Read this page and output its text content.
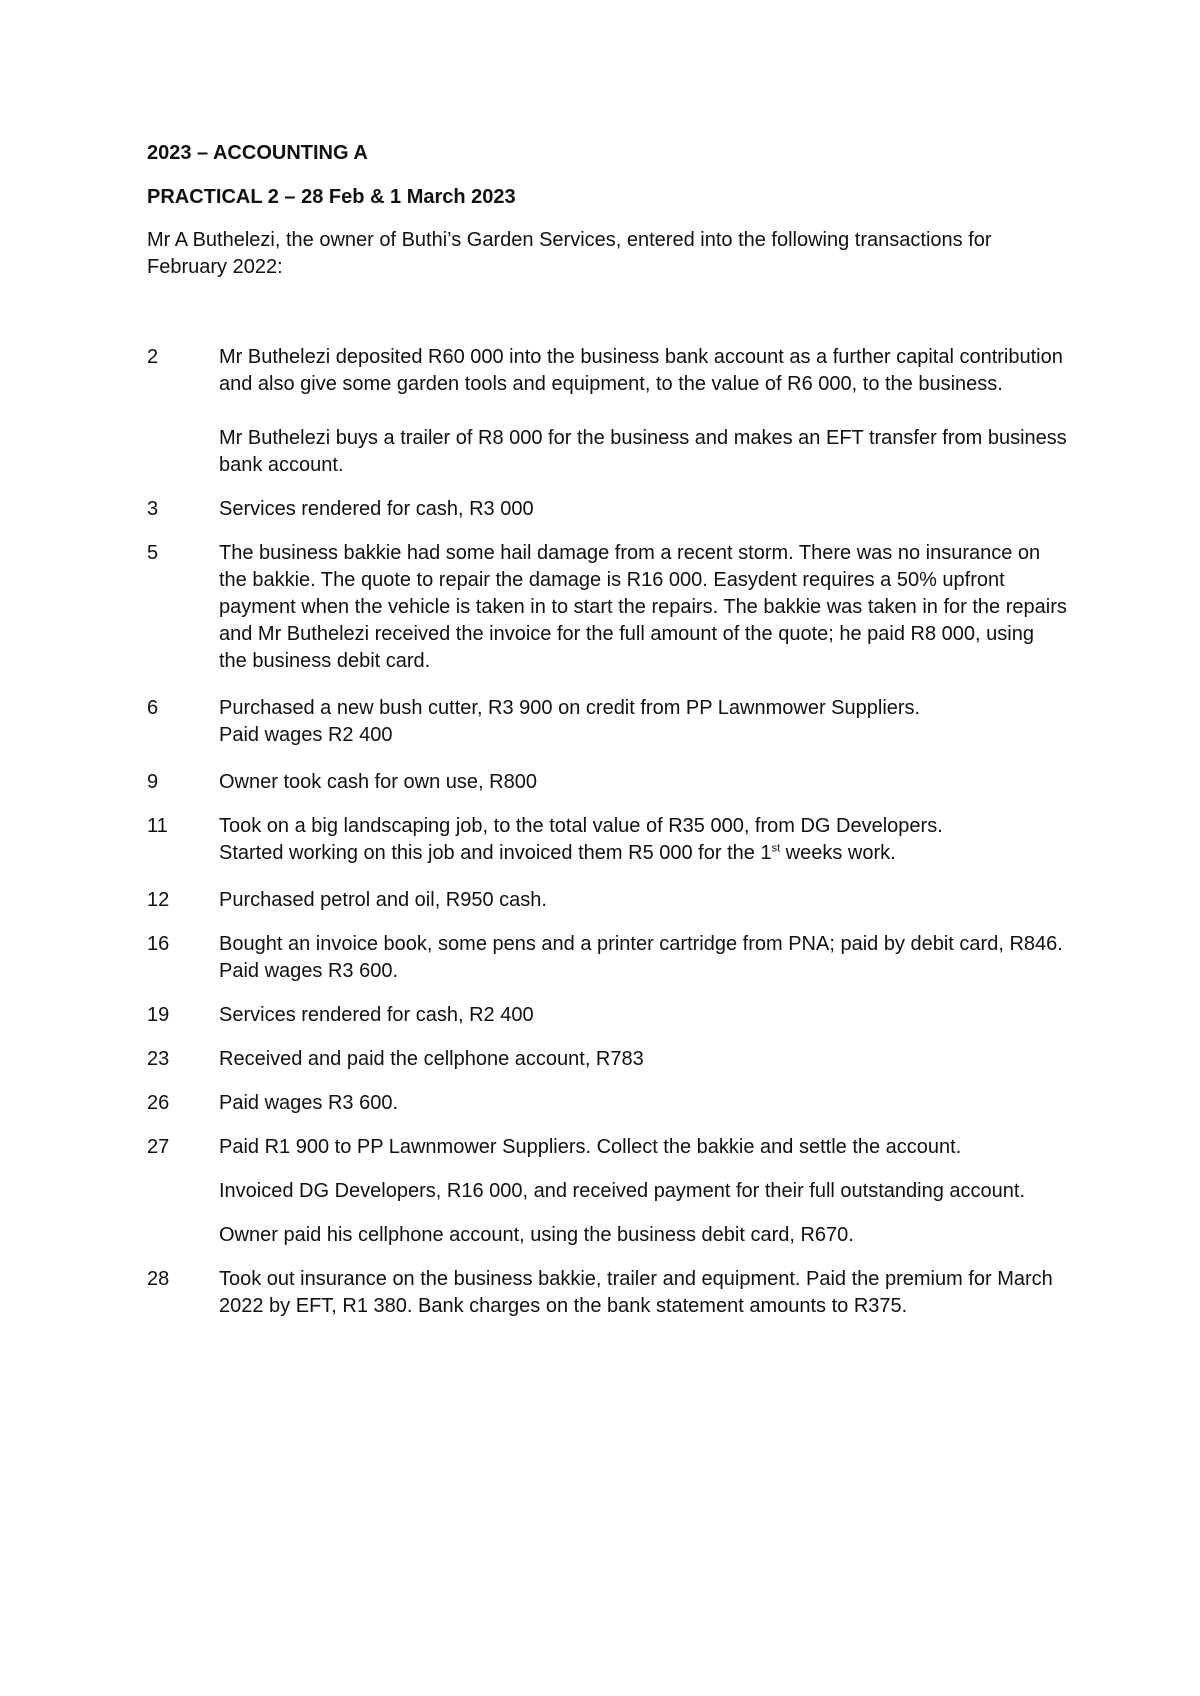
2023 – ACCOUNTING A

PRACTICAL 2 – 28 Feb & 1 March 2023

Mr A Buthelezi, the owner of Buthi’s Garden Services, entered into the following transactions for February 2022:

2	Mr Buthelezi deposited R60 000 into the business bank account as a further capital contribution and also give some garden tools and equipment, to the value of R6 000, to the business.

Mr Buthelezi buys a trailer of R8 000 for the business and makes an EFT transfer from business bank account.

3	Services rendered for cash, R3 000

5	The business bakkie had some hail damage from a recent storm. There was no insurance on the bakkie. The quote to repair the damage is R16 000. Easydent requires a 50% upfront payment when the vehicle is taken in to start the repairs. The bakkie was taken in for the repairs and Mr Buthelezi received the invoice for the full amount of the quote; he paid R8 000, using the business debit card.

6	Purchased a new bush cutter, R3 900 on credit from PP Lawnmower Suppliers.

Paid wages R2 400

9	Owner took cash for own use, R800

11	Took on a big landscaping job, to the total value of R35 000, from DG Developers.

Started working on this job and invoiced them R5 000 for the 1st weeks work.

12	Purchased petrol and oil, R950 cash.

16	Bought an invoice book, some pens and a printer cartridge from PNA; paid by debit card, R846. Paid wages R3 600.

19	Services rendered for cash, R2 400

23	Received and paid the cellphone account, R783

26	Paid wages R3 600.

27	Paid R1 900 to PP Lawnmower Suppliers. Collect the bakkie and settle the account.

Invoiced DG Developers, R16 000, and received payment for their full outstanding account.

Owner paid his cellphone account, using the business debit card, R670.

28	Took out insurance on the business bakkie, trailer and equipment. Paid the premium for March 2022 by EFT, R1 380. Bank charges on the bank statement amounts to R375.
